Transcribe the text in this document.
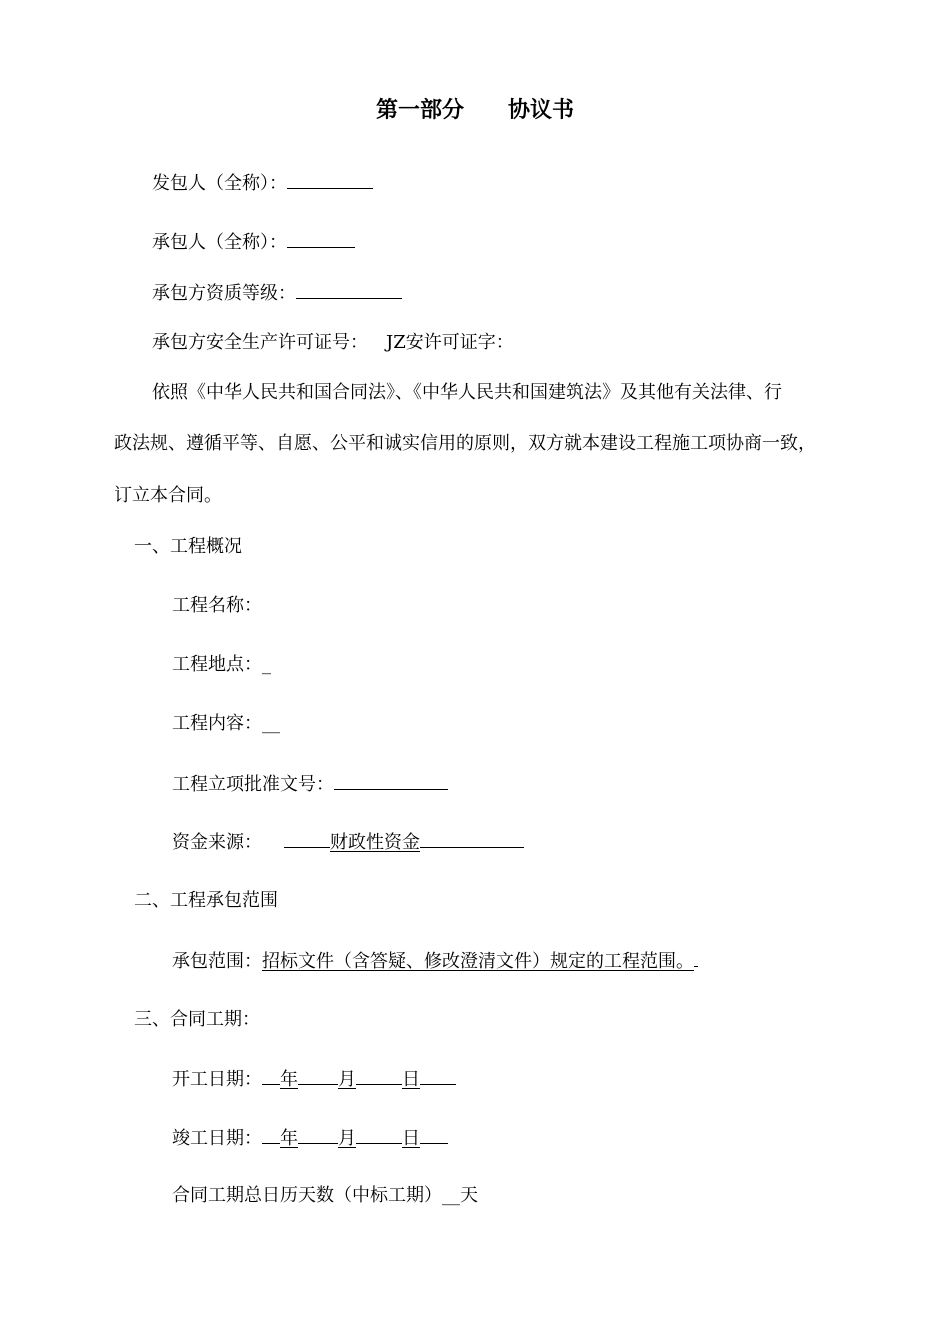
第一部分　　协议书
发包人（全称）：
承包人（全称）：
承包方资质等级：
承包方安全生产许可证号： JZ安许可证字：
依照《中华人民共和国合同法》、《中华人民共和国建筑法》及其他有关法律、行
政法规、遵循平等、自愿、公平和诚实信用的原则，双方就本建设工程施工项协商一致，
订立本合同。
一、工程概况
工程名称：
工程地点：_
工程内容：__
工程立项批准文号：
资金来源：	财政性资金
二、工程承包范围
承包范围：招标文件（含答疑、修改澄清文件）规定的工程范围。
三、合同工期：
开工日期： 年 月	日
竣工日期： 年 月	日
合同工期总日历天数（中标工期）__天
